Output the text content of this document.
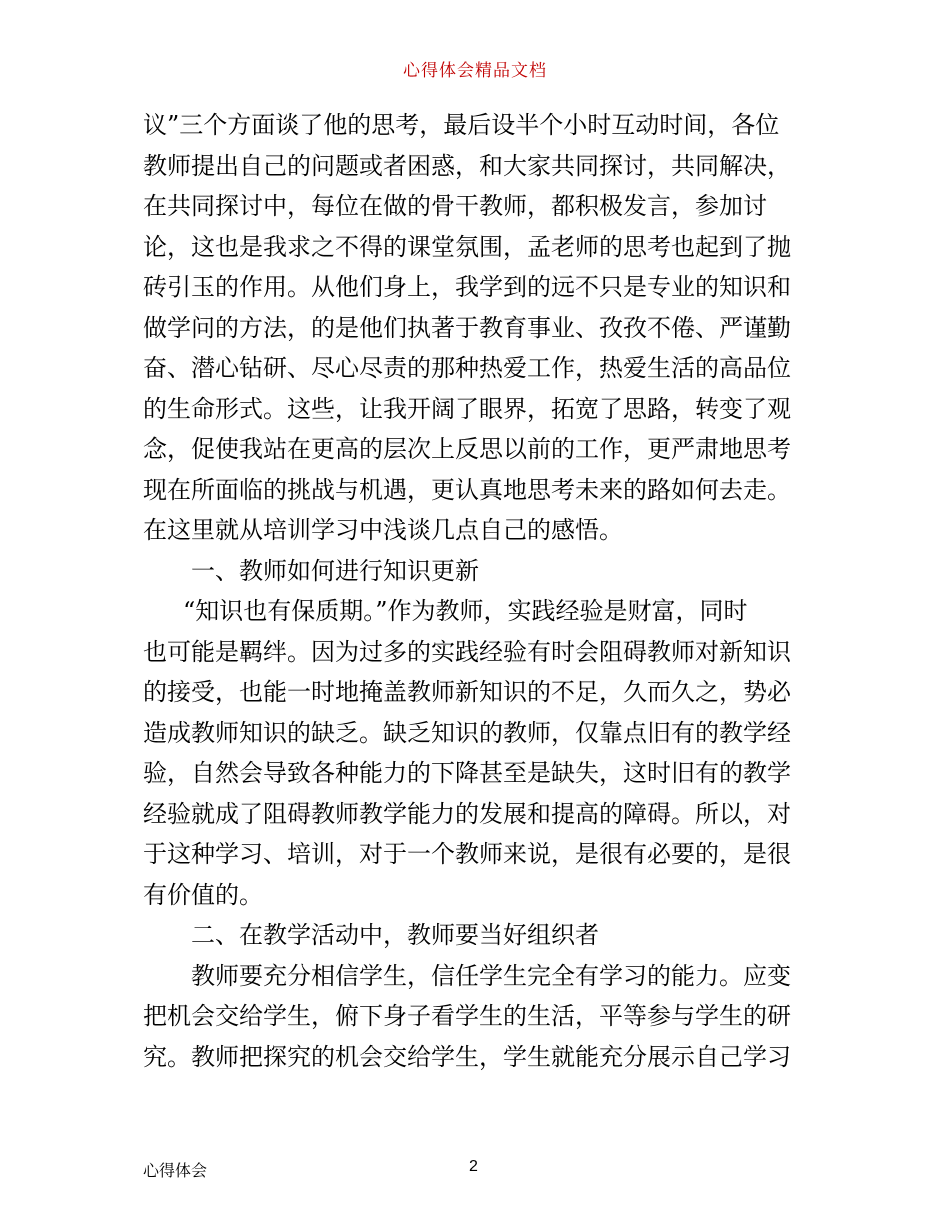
心得体会精品文档
议”三个方面谈了他的思考，最后设半个小时互动时间，各位
教师提出自己的问题或者困惑，和大家共同探讨，共同解决，
在共同探讨中，每位在做的骨干教师，都积极发言，参加讨
论，这也是我求之不得的课堂氛围，孟老师的思考也起到了抛
砖引玉的作用。从他们身上，我学到的远不只是专业的知识和
做学问的方法，的是他们执著于教育事业、孜孜不倦、严谨勤
奋、潜心钻研、尽心尽责的那种热爱工作，热爱生活的高品位
的生命形式。这些，让我开阔了眼界，拓宽了思路，转变了观
念，促使我站在更高的层次上反思以前的工作，更严肃地思考
现在所面临的挑战与机遇，更认真地思考未来的路如何去走。
在这里就从培训学习中浅谈几点自己的感悟。
一、教师如何进行知识更新
“知识也有保质期。”作为教师，实践经验是财富，同时
也可能是羁绊。因为过多的实践经验有时会阻碍教师对新知识
的接受，也能一时地掩盖教师新知识的不足，久而久之，势必
造成教师知识的缺乏。缺乏知识的教师，仅靠点旧有的教学经
验，自然会导致各种能力的下降甚至是缺失，这时旧有的教学
经验就成了阻碍教师教学能力的发展和提高的障碍。所以，对
于这种学习、培训，对于一个教师来说，是很有必要的，是很
有价值的。
二、在教学活动中，教师要当好组织者
教师要充分相信学生，信任学生完全有学习的能力。应变
把机会交给学生，俯下身子看学生的生活，平等参与学生的研
究。教师把探究的机会交给学生，学生就能充分展示自己学习
心得体会	2
